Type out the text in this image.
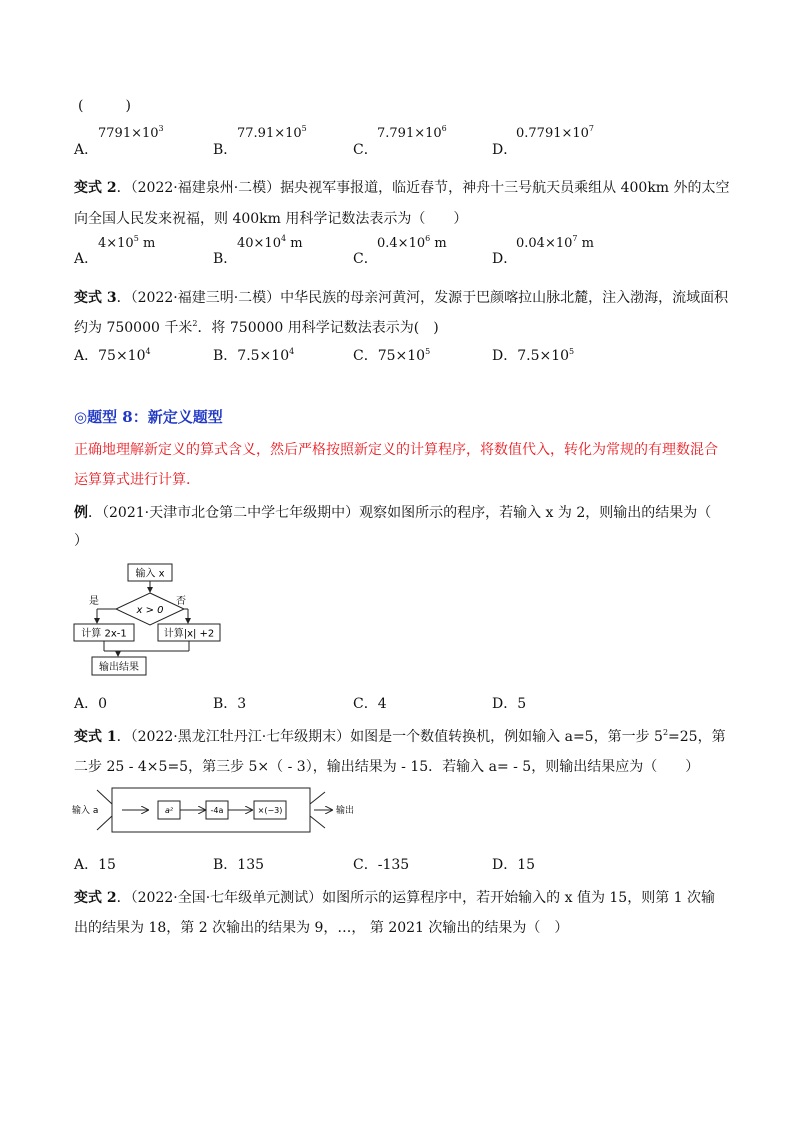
(　　　)
A．
$7791\times 10^3$
B．
$77.91\times 10^5$
C．
$7.791\times 10^6$
D．
$0.7791\times 10^7$
变式 2．（2022·福建泉州·二模）据央视军事报道，临近春节，神舟十三号航天员乘组从 400km 外的太空
向全国人民发来祝福，则 400km 用科学记数法表示为（　　）
A．
$4\times 10^5$ m
B．
$40\times 10^4$ m
C．
$0.4\times 10^6$ m
D．
$0.04\times 10^7$ m
变式 3．（2022·福建三明·二模）中华民族的母亲河黄河，发源于巴颜喀拉山脉北麓，注入渤海，流域面积
约为 750000 千米$^2$．将 750000 用科学记数法表示为(　)
A．$75\times 10^4$	B．$7.5\times 10^4$	C．$75\times 10^5$	D．$7.5\times 10^5$
◎题型 8：新定义题型
正确地理解新定义的算式含义，然后严格按照新定义的计算程序，将数值代入，转化为常规的有理数混合
运算算式进行计算.
例．（2021·天津市北仓第二中学七年级期中）观察如图所示的程序，若输入 x 为 2，则输出的结果为（
）
输入 x
x > 0
是	否
计算 2x-1	计算|x| +2
输出结果
A．0	B．3	C．4	D．5
变式 1．（2022·黑龙江牡丹江·七年级期末）如图是一个数值转换机，例如输入 a=5，第一步 $5^2=25$，第
二步 25 - 4×5=5，第三步 5×（ - 3），输出结果为 - 15．若输入 a= - 5，则输出结果应为（　　）
输入 a	a²	-4a	×(−3)	输出
A．15	B．135	C．-135	D．15
变式 2．（2022·全国·七年级单元测试）如图所示的运算程序中，若开始输入的 x 值为 15，则第 1 次输
出的结果为 18，第 2 次输出的结果为 9，…， 第 2021 次输出的结果为（　）
